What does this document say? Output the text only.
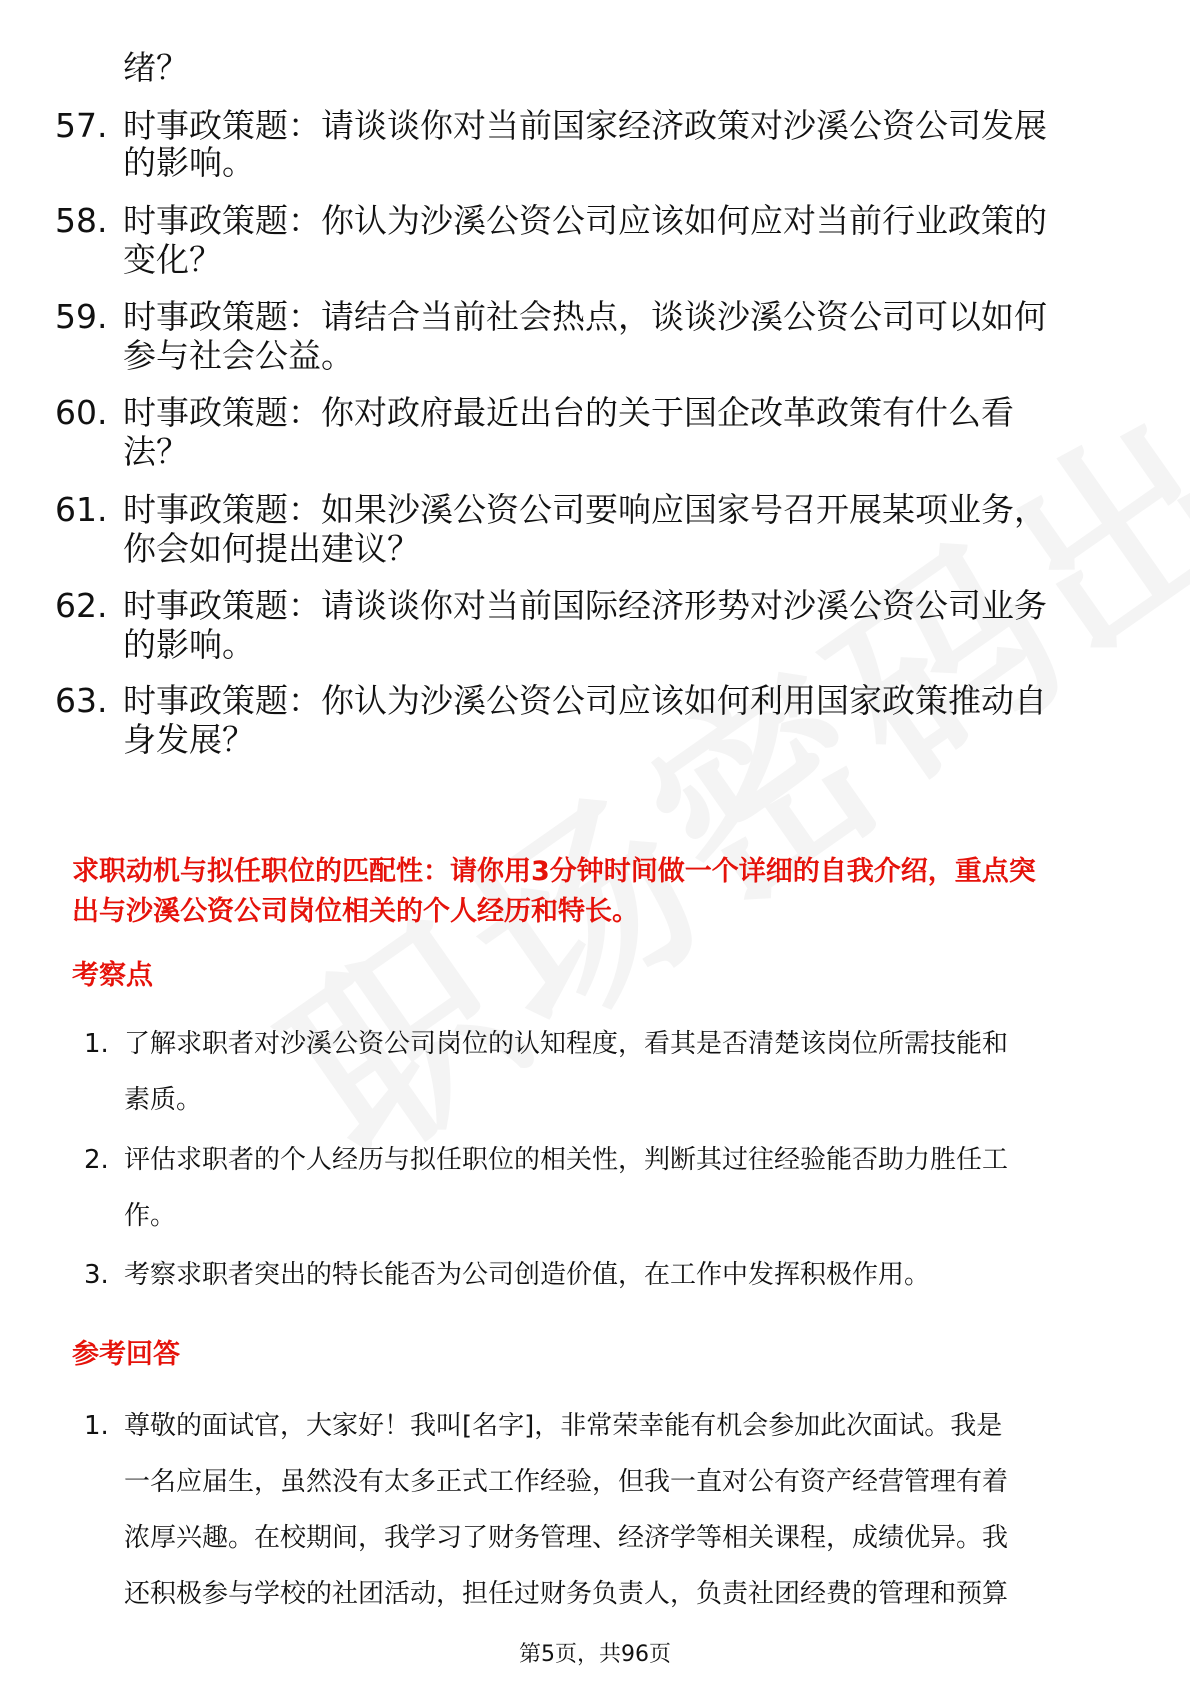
绪？
57. 时事政策题：请谈谈你对当前国家经济政策对沙溪公资公司发展
的影响。
58. 时事政策题：你认为沙溪公资公司应该如何应对当前行业政策的
变化？
59. 时事政策题：请结合当前社会热点，谈谈沙溪公资公司可以如何
参与社会公益。
60. 时事政策题：你对政府最近出台的关于国企改革政策有什么看
法？
61. 时事政策题：如果沙溪公资公司要响应国家号召开展某项业务，
你会如何提出建议？
62. 时事政策题：请谈谈你对当前国际经济形势对沙溪公资公司业务
的影响。
63. 时事政策题：你认为沙溪公资公司应该如何利用国家政策推动自
身发展？
求职动机与拟任职位的匹配性：请你用3分钟时间做一个详细的自我介绍，重点突
出与沙溪公资公司岗位相关的个人经历和特长。
考察点
1. 了解求职者对沙溪公资公司岗位的认知程度，看其是否清楚该岗位所需技能和
素质。
2. 评估求职者的个人经历与拟任职位的相关性，判断其过往经验能否助力胜任工
作。
3. 考察求职者突出的特长能否为公司创造价值，在工作中发挥积极作用。
参考回答
1. 尊敬的面试官，大家好！我叫[名字]，非常荣幸能有机会参加此次面试。我是
一名应届生，虽然没有太多正式工作经验，但我一直对公有资产经营管理有着
浓厚兴趣。在校期间，我学习了财务管理、经济学等相关课程，成绩优异。我
还积极参与学校的社团活动，担任过财务负责人，负责社团经费的管理和预算
第5页，共96页
